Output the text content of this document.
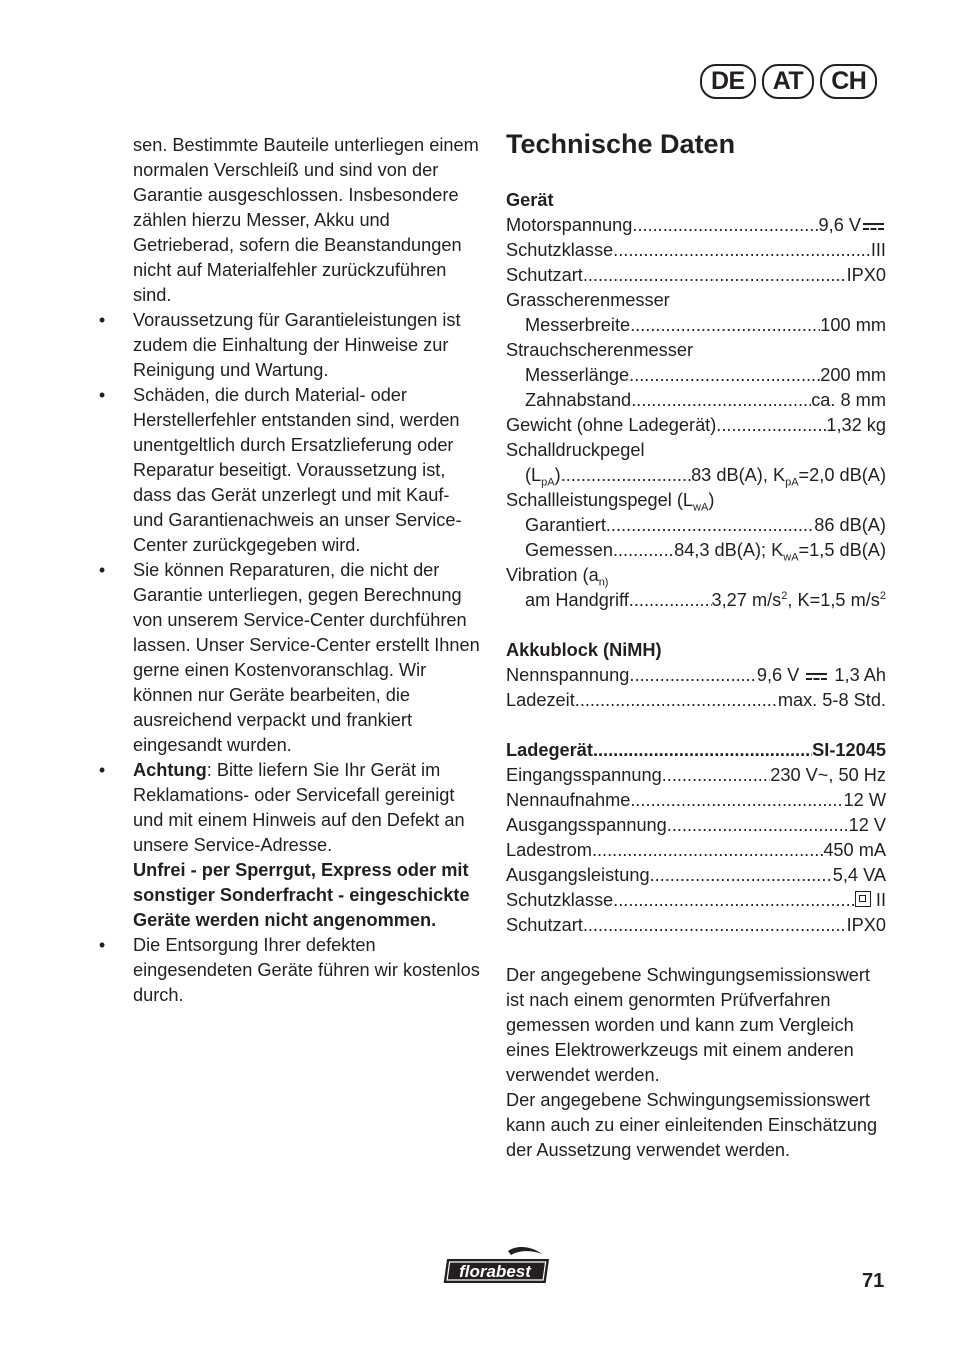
DE	AT	CH

sen. Bestimmte Bauteile unterliegen einem normalen Verschleiß und sind von der Garantie ausgeschlossen. Insbesondere zählen hierzu Messer, Akku und Getrieberad, sofern die Beanstandungen nicht auf Materialfehler zurückzuführen sind.

• Voraussetzung für Garantieleistungen ist zudem die Einhaltung der Hinweise zur Reinigung und Wartung.
• Schäden, die durch Material- oder Herstellerfehler entstanden sind, werden unentgeltlich durch Ersatzlieferung oder Reparatur beseitigt. Voraussetzung ist, dass das Gerät unzerlegt und mit Kauf- und Garantienachweis an unser Service-Center zurückgegeben wird.
• Sie können Reparaturen, die nicht der Garantie unterliegen, gegen Berechnung von unserem Service-Center durchführen lassen. Unser Service-Center erstellt Ihnen gerne einen Kostenvoranschlag. Wir können nur Geräte bearbeiten, die ausreichend verpackt und frankiert eingesandt wurden.
• Achtung: Bitte liefern Sie Ihr Gerät im Reklamations- oder Servicefall gereinigt und mit einem Hinweis auf den Defekt an unsere Service-Adresse.
Unfrei - per Sperrgut, Express oder mit sonstiger Sonderfracht - eingeschickte Geräte werden nicht angenommen.
• Die Entsorgung Ihrer defekten eingesendeten Geräte führen wir kostenlos durch.
Technische Daten
Gerät
Motorspannung .....	9,6 V
Schutzklasse .....	III
Schutzart .....	IPX0
Grasscherenmesser
Messerbreite .....	100 mm
Strauchscherenmesser
Messerlänge .....	200 mm
Zahnabstand .....	ca. 8 mm
Gewicht (ohne Ladegerät) .....	1,32 kg
Schalldruckpegel
$(L_{pA})$ .....	83 dB(A), $K_{pA}=2,0$ dB(A)
Schallleistungspegel $(L_{wA})$
Garantiert .....	86 dB(A)
Gemessen .....	84,3 dB(A); $K_{wA}=1,5$ dB(A)
Vibration ($a_{n)}$
am Handgriff .....	3,27 $m/s^2$, K=1,5 $m/s^2$
Akkublock (NiMH)
Nennspannung .....	9,6 V 1,3 Ah
Ladezeit .....	max. 5-8 Std.
Ladegerät .....	SI-12045
Eingangsspannung .....	230 V~, 50 Hz
Nennaufnahme .....	12 W
Ausgangsspannung .....	12 V
Ladestrom .....	450 mA
Ausgangsleistung .....	5,4 VA
Schutzklasse .....	II
Schutzart .....	IPX0

Der angegebene Schwingungsemissionswert ist nach einem genormten Prüfverfahren gemessen worden und kann zum Vergleich eines Elektrowerkzeugs mit einem anderen verwendet werden.

Der angegebene Schwingungsemissionswert kann auch zu einer einleitenden Einschätzung der Aussetzung verwendet werden.

florabest	71
